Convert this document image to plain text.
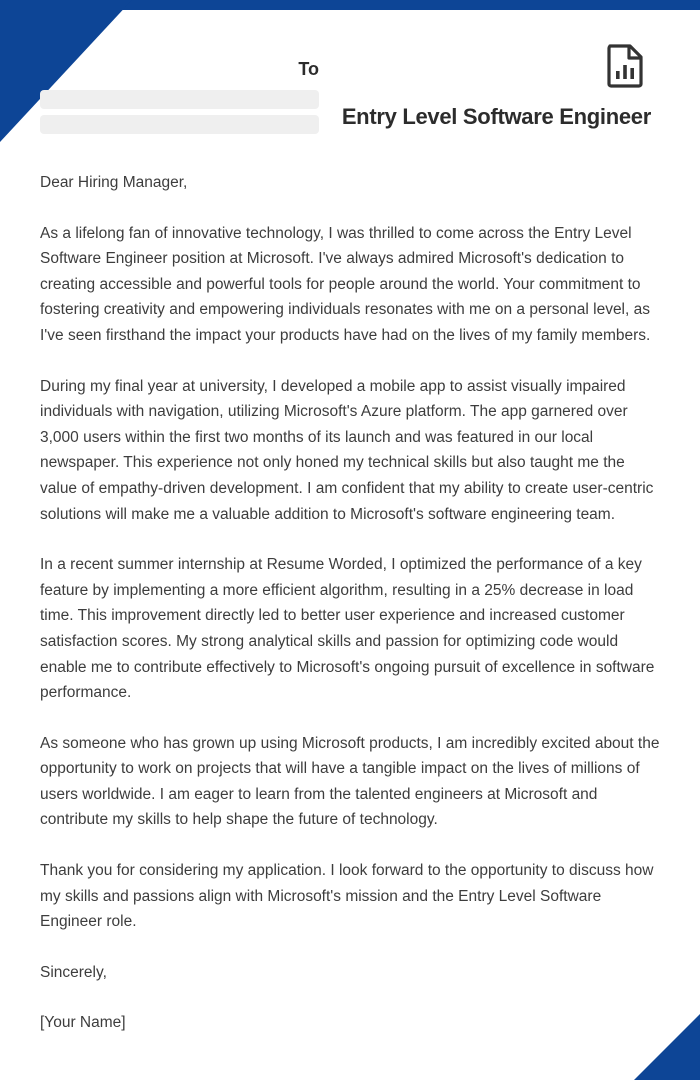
To
Entry Level Software Engineer

Dear Hiring Manager,

As a lifelong fan of innovative technology, I was thrilled to come across the Entry Level Software Engineer position at Microsoft. I've always admired Microsoft's dedication to creating accessible and powerful tools for people around the world. Your commitment to fostering creativity and empowering individuals resonates with me on a personal level, as I've seen firsthand the impact your products have had on the lives of my family members.

During my final year at university, I developed a mobile app to assist visually impaired individuals with navigation, utilizing Microsoft's Azure platform. The app garnered over 3,000 users within the first two months of its launch and was featured in our local newspaper. This experience not only honed my technical skills but also taught me the value of empathy-driven development. I am confident that my ability to create user-centric solutions will make me a valuable addition to Microsoft's software engineering team.

In a recent summer internship at Resume Worded, I optimized the performance of a key feature by implementing a more efficient algorithm, resulting in a 25% decrease in load time. This improvement directly led to better user experience and increased customer satisfaction scores. My strong analytical skills and passion for optimizing code would enable me to contribute effectively to Microsoft's ongoing pursuit of excellence in software performance.

As someone who has grown up using Microsoft products, I am incredibly excited about the opportunity to work on projects that will have a tangible impact on the lives of millions of users worldwide. I am eager to learn from the talented engineers at Microsoft and contribute my skills to help shape the future of technology.

Thank you for considering my application. I look forward to the opportunity to discuss how my skills and passions align with Microsoft's mission and the Entry Level Software Engineer role.

Sincerely,

[Your Name]
